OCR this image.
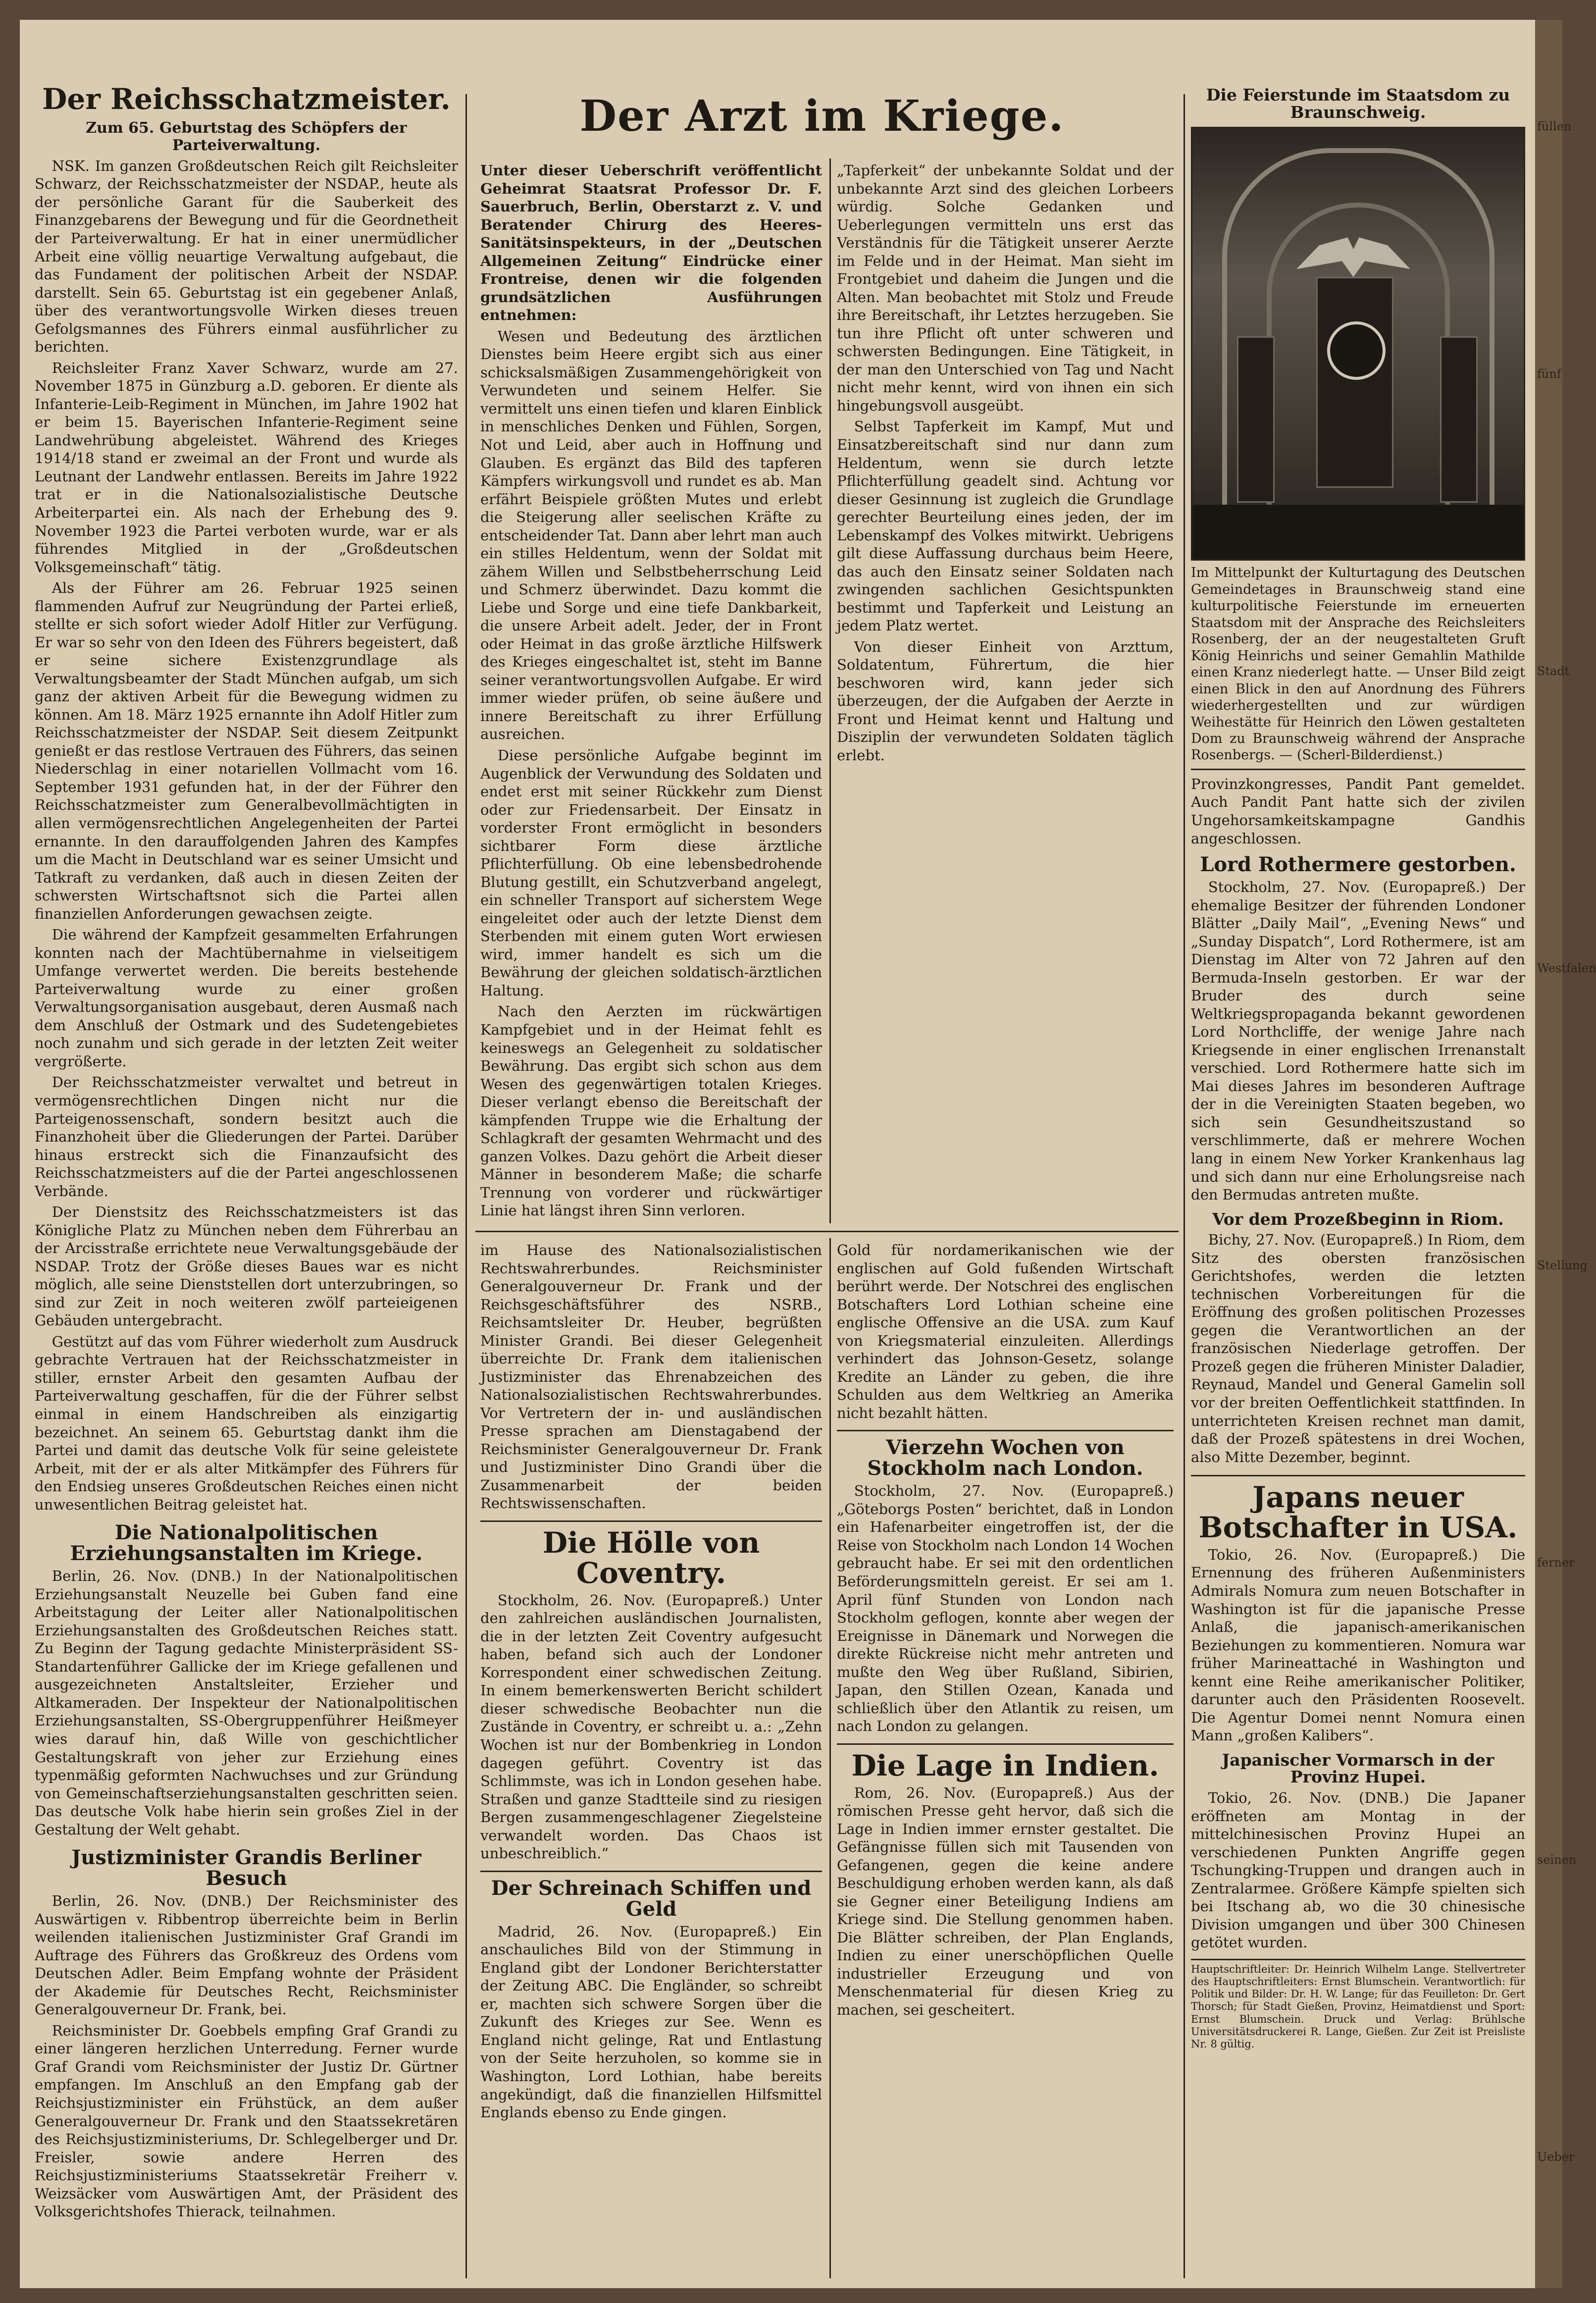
Der Reichsschatzmeister.
Zum 65. Geburtstag des Schöpfers der Parteiverwaltung.

NSK. Im ganzen Großdeutschen Reich gilt Reichsleiter Schwarz, der Reichsschatzmeister der NSDAP., heute als der persönliche Garant für die Sauberkeit des Finanzgebarens der Bewegung und für die Geordnetheit der Parteiverwaltung. Er hat in einer unermüdlicher Arbeit eine völlig neuartige Verwaltung aufgebaut, die das Fundament der politischen Arbeit der NSDAP. darstellt. Sein 65. Geburtstag ist ein gegebener Anlaß, über des verantwortungsvolle Wirken dieses treuen Gefolgsmannes des Führers einmal ausführlicher zu berichten.

Reichsleiter Franz Xaver Schwarz, wurde am 27. November 1875 in Günzburg a.D. geboren. Er diente als Infanterie-Leib-Regiment in München, im Jahre 1902 hat er beim 15. Bayerischen Infanterie-Regiment seine Landwehrübung abgeleistet. Während des Krieges 1914/18 stand er zweimal an der Front und wurde als Leutnant der Landwehr entlassen. Bereits im Jahre 1922 trat er in die Nationalsozialistische Deutsche Arbeiterpartei ein. Als nach der Erhebung des 9. November 1923 die Partei verboten wurde, war er als führendes Mitglied in der „Großdeutschen Volksgemeinschaft“ tätig.

Als der Führer am 26. Februar 1925 seinen flammenden Aufruf zur Neugründung der Partei erließ, stellte er sich sofort wieder Adolf Hitler zur Verfügung. Er war so sehr von den Ideen des Führers begeistert, daß er seine sichere Existenzgrundlage als Verwaltungsbeamter der Stadt München aufgab, um sich ganz der aktiven Arbeit für die Bewegung widmen zu können. Am 18. März 1925 ernannte ihn Adolf Hitler zum Reichsschatzmeister der NSDAP. Seit diesem Zeitpunkt genießt er das restlose Vertrauen des Führers, das seinen Niederschlag in einer notariellen Vollmacht vom 16. September 1931 gefunden hat, in der der Führer den Reichsschatzmeister zum Generalbevollmächtigten in allen vermögensrechtlichen Angelegenheiten der Partei ernannte. In den darauffolgenden Jahren des Kampfes um die Macht in Deutschland war es seiner Umsicht und Tatkraft zu verdanken, daß auch in diesen Zeiten der schwersten Wirtschaftsnot sich die Partei allen finanziellen Anforderungen gewachsen zeigte.

Die während der Kampfzeit gesammelten Erfahrungen konnten nach der Machtübernahme in vielseitigem Umfange verwertet werden. Die bereits bestehende Parteiverwaltung wurde zu einer großen Verwaltungsorganisation ausgebaut, deren Ausmaß nach dem Anschluß der Ostmark und des Sudetengebietes noch zunahm und sich gerade in der letzten Zeit weiter vergrößerte.

Der Reichsschatzmeister verwaltet und betreut in vermögensrechtlichen Dingen nicht nur die Parteigenossenschaft, sondern besitzt auch die Finanzhoheit über die Gliederungen der Partei. Darüber hinaus erstreckt sich die Finanzaufsicht des Reichsschatzmeisters auf die der Partei angeschlossenen Verbände.

Der Dienstsitz des Reichsschatzmeisters ist das Königliche Platz zu München neben dem Führerbau an der Arcisstraße errichtete neue Verwaltungsgebäude der NSDAP. Trotz der Größe dieses Baues war es nicht möglich, alle seine Dienststellen dort unterzubringen, so sind zur Zeit in noch weiteren zwölf parteieigenen Gebäuden untergebracht.

Gestützt auf das vom Führer wiederholt zum Ausdruck gebrachte Vertrauen hat der Reichsschatzmeister in stiller, ernster Arbeit den gesamten Aufbau der Parteiverwaltung geschaffen, für die der Führer selbst einmal in einem Handschreiben als einzigartig bezeichnet. An seinem 65. Geburtstag dankt ihm die Partei und damit das deutsche Volk für seine geleistete Arbeit, mit der er als alter Mitkämpfer des Führers für den Endsieg unseres Großdeutschen Reiches einen nicht unwesentlichen Beitrag geleistet hat.

Die Nationalpolitischen Erziehungsanstalten im Kriege.

Berlin, 26. Nov. (DNB.) In der Nationalpolitischen Erziehungsanstalt Neuzelle bei Guben fand eine Arbeitstagung der Leiter aller Nationalpolitischen Erziehungsanstalten des Großdeutschen Reiches statt. Zu Beginn der Tagung gedachte Ministerpräsident SS-Standartenführer Gallicke der im Kriege gefallenen und ausgezeichneten Anstaltsleiter, Erzieher und Altkameraden. Der Inspekteur der Nationalpolitischen Erziehungsanstalten, SS-Obergruppenführer Heißmeyer wies darauf hin, daß Wille von geschichtlicher Gestaltungskraft von jeher zur Erziehung eines typenmäßig geformten Nachwuchses und zur Gründung von Gemeinschaftserziehungsanstalten geschritten seien. Das deutsche Volk habe hierin sein großes Ziel in der Gestaltung der Welt gehabt.

Justizminister Grandis Berliner Besuch

Berlin, 26. Nov. (DNB.) Der Reichsminister des Auswärtigen v. Ribbentrop überreichte beim in Berlin weilenden italienischen Justizminister Graf Grandi im Auftrage des Führers das Großkreuz des Ordens vom Deutschen Adler. Beim Empfang wohnte der Präsident der Akademie für Deutsches Recht, Reichsminister Generalgouverneur Dr. Frank, bei.

Reichsminister Dr. Goebbels empfing Graf Grandi zu einer längeren herzlichen Unterredung. Ferner wurde Graf Grandi vom Reichsminister der Justiz Dr. Gürtner empfangen. Im Anschluß an den Empfang gab der Reichsjustizminister ein Frühstück, an dem außer Generalgouverneur Dr. Frank und den Staatssekretären des Reichsjustizministeriums, Dr. Schlegelberger und Dr. Freisler, sowie andere Herren des Reichsjustizministeriums Staatssekretär Freiherr v. Weizsäcker vom Auswärtigen Amt, der Präsident des Volksgerichtshofes Thierack, teilnahmen.

Der Arzt im Kriege.

Unter dieser Ueberschrift veröffentlicht Geheimrat Staatsrat Professor Dr. F. Sauerbruch, Berlin, Oberstarzt z. V. und Beratender Chirurg des Heeres-Sanitätsinspekteurs, in der „Deutschen Allgemeinen Zeitung“ Eindrücke einer Frontreise, denen wir die folgenden grundsätzlichen Ausführungen entnehmen:

Wesen und Bedeutung des ärztlichen Dienstes beim Heere ergibt sich aus einer schicksalsmäßigen Zusammengehörigkeit von Verwundeten und seinem Helfer. Sie vermittelt uns einen tiefen und klaren Einblick in menschliches Denken und Fühlen, Sorgen, Not und Leid, aber auch in Hoffnung und Glauben. Es ergänzt das Bild des tapferen Kämpfers wirkungsvoll und rundet es ab. Man erfährt Beispiele größten Mutes und erlebt die Steigerung aller seelischen Kräfte zu entscheidender Tat. Dann aber lehrt man auch ein stilles Heldentum, wenn der Soldat mit zähem Willen und Selbstbeherrschung Leid und Schmerz überwindet. Dazu kommt die Liebe und Sorge und eine tiefe Dankbarkeit, die unsere Arbeit adelt. Jeder, der in Front oder Heimat in das große ärztliche Hilfswerk des Krieges eingeschaltet ist, steht im Banne seiner verantwortungsvollen Aufgabe. Er wird immer wieder prüfen, ob seine äußere und innere Bereitschaft zu ihrer Erfüllung ausreichen.

Diese persönliche Aufgabe beginnt im Augenblick der Verwundung des Soldaten und endet erst mit seiner Rückkehr zum Dienst oder zur Friedensarbeit. Der Einsatz in vorderster Front ermöglicht in besonders sichtbarer Form diese ärztliche Pflichterfüllung. Ob eine lebensbedrohende Blutung gestillt, ein Schutzverband angelegt, ein schneller Transport auf sicherstem Wege eingeleitet oder auch der letzte Dienst dem Sterbenden mit einem guten Wort erwiesen wird, immer handelt es sich um die Bewährung der gleichen soldatisch-ärztlichen Haltung.

Nach den Aerzten im rückwärtigen Kampfgebiet und in der Heimat fehlt es keineswegs an Gelegenheit zu soldatischer Bewährung. Das ergibt sich schon aus dem Wesen des gegenwärtigen totalen Krieges. Dieser verlangt ebenso die Bereitschaft der kämpfenden Truppe wie die Erhaltung der Schlagkraft der gesamten Wehrmacht und des ganzen Volkes. Dazu gehört die Arbeit dieser Männer in besonderem Maße; die scharfe Trennung von vorderer und rückwärtiger Linie hat längst ihren Sinn verloren.

„Tapferkeit“ der unbekannte Soldat und der unbekannte Arzt sind des gleichen Lorbeers würdig. Solche Gedanken und Ueberlegungen vermitteln uns erst das Verständnis für die Tätigkeit unserer Aerzte im Felde und in der Heimat. Man sieht im Frontgebiet und daheim die Jungen und die Alten. Man beobachtet mit Stolz und Freude ihre Bereitschaft, ihr Letztes herzugeben. Sie tun ihre Pflicht oft unter schweren und schwersten Bedingungen. Eine Tätigkeit, in der man den Unterschied von Tag und Nacht nicht mehr kennt, wird von ihnen ein sich hingebungsvoll ausgeübt.

Selbst Tapferkeit im Kampf, Mut und Einsatzbereitschaft sind nur dann zum Heldentum, wenn sie durch letzte Pflichterfüllung geadelt sind. Achtung vor dieser Gesinnung ist zugleich die Grundlage gerechter Beurteilung eines jeden, der im Lebenskampf des Volkes mitwirkt. Uebrigens gilt diese Auffassung durchaus beim Heere, das auch den Einsatz seiner Soldaten nach zwingenden sachlichen Gesichtspunkten bestimmt und Tapferkeit und Leistung an jedem Platz wertet.

Von dieser Einheit von Arzttum, Soldatentum, Führertum, die hier beschworen wird, kann jeder sich überzeugen, der die Aufgaben der Aerzte in Front und Heimat kennt und Haltung und Disziplin der verwundeten Soldaten täglich erlebt.

im Hause des Nationalsozialistischen Rechtswahrerbundes. Reichsminister Generalgouverneur Dr. Frank und der Reichsgeschäftsführer des NSRB., Reichsamtsleiter Dr. Heuber, begrüßten Minister Grandi. Bei dieser Gelegenheit überreichte Dr. Frank dem italienischen Justizminister das Ehrenabzeichen des Nationalsozialistischen Rechtswahrerbundes. Vor Vertretern der in- und ausländischen Presse sprachen am Dienstagabend der Reichsminister Generalgouverneur Dr. Frank und Justizminister Dino Grandi über die Zusammenarbeit der beiden Rechtswissenschaften.

Die Hölle von Coventry.

Stockholm, 26. Nov. (Europapreß.) Unter den zahlreichen ausländischen Journalisten, die in der letzten Zeit Coventry aufgesucht haben, befand sich auch der Londoner Korrespondent einer schwedischen Zeitung. In einem bemerkenswerten Bericht schildert dieser schwedische Beobachter nun die Zustände in Coventry, er schreibt u. a.: „Zehn Wochen ist nur der Bombenkrieg in London dagegen geführt. Coventry ist das Schlimmste, was ich in London gesehen habe. Straßen und ganze Stadtteile sind zu riesigen Bergen zusammengeschlagener Ziegelsteine verwandelt worden. Das Chaos ist unbeschreiblich.“

Der Schreinach Schiffen und Geld

Madrid, 26. Nov. (Europapreß.) Ein anschauliches Bild von der Stimmung in England gibt der Londoner Berichterstatter der Zeitung ABC. Die Engländer, so schreibt er, machten sich schwere Sorgen über die Zukunft des Krieges zur See. Wenn es England nicht gelinge, Rat und Entlastung von der Seite herzuholen, so komme sie in Washington, Lord Lothian, habe bereits angekündigt, daß die finanziellen Hilfsmittel Englands ebenso zu Ende gingen.

Gold für nordamerikanischen wie der englischen auf Gold fußenden Wirtschaft berührt werde. Der Notschrei des englischen Botschafters Lord Lothian scheine eine englische Offensive an die USA. zum Kauf von Kriegsmaterial einzuleiten. Allerdings verhindert das Johnson-Gesetz, solange Kredite an Länder zu geben, die ihre Schulden aus dem Weltkrieg an Amerika nicht bezahlt hätten.

Vierzehn Wochen von Stockholm nach London.

Stockholm, 27. Nov. (Europapreß.) „Göteborgs Posten“ berichtet, daß in London ein Hafenarbeiter eingetroffen ist, der die Reise von Stockholm nach London 14 Wochen gebraucht habe. Er sei mit den ordentlichen Beförderungsmitteln gereist. Er sei am 1. April fünf Stunden von London nach Stockholm geflogen, konnte aber wegen der Ereignisse in Dänemark und Norwegen die direkte Rückreise nicht mehr antreten und mußte den Weg über Rußland, Sibirien, Japan, den Stillen Ozean, Kanada und schließlich über den Atlantik zu reisen, um nach London zu gelangen.

Die Lage in Indien.

Rom, 26. Nov. (Europapreß.) Aus der römischen Presse geht hervor, daß sich die Lage in Indien immer ernster gestaltet. Die Gefängnisse füllen sich mit Tausenden von Gefangenen, gegen die keine andere Beschuldigung erhoben werden kann, als daß sie Gegner einer Beteiligung Indiens am Kriege sind. Die Stellung genommen haben. Die Blätter schreiben, der Plan Englands, Indien zu einer unerschöpflichen Quelle industrieller Erzeugung und von Menschenmaterial für diesen Krieg zu machen, sei gescheitert.

Die Feierstunde im Staatsdom zu Braunschweig.
Im Mittelpunkt der Kulturtagung des Deutschen Gemeindetages in Braunschweig stand eine kulturpolitische Feierstunde im erneuerten Staatsdom mit der Ansprache des Reichsleiters Rosenberg, der an der neugestalteten Gruft König Heinrichs und seiner Gemahlin Mathilde einen Kranz niederlegt hatte. — Unser Bild zeigt einen Blick in den auf Anordnung des Führers wiederhergestellten und zur würdigen Weihestätte für Heinrich den Löwen gestalteten Dom zu Braunschweig während der Ansprache Rosenbergs. — (Scherl-Bilderdienst.)

Provinzkongresses, Pandit Pant gemeldet. Auch Pandit Pant hatte sich der zivilen Ungehorsamkeitskampagne Gandhis angeschlossen.

Lord Rothermere gestorben.

Stockholm, 27. Nov. (Europapreß.) Der ehemalige Besitzer der führenden Londoner Blätter „Daily Mail“, „Evening News“ und „Sunday Dispatch“, Lord Rothermere, ist am Dienstag im Alter von 72 Jahren auf den Bermuda-Inseln gestorben. Er war der Bruder des durch seine Weltkriegspropaganda bekannt gewordenen Lord Northcliffe, der wenige Jahre nach Kriegsende in einer englischen Irrenanstalt verschied. Lord Rothermere hatte sich im Mai dieses Jahres im besonderen Auftrage der in die Vereinigten Staaten begeben, wo sich sein Gesundheitszustand so verschlimmerte, daß er mehrere Wochen lang in einem New Yorker Krankenhaus lag und sich dann nur eine Erholungsreise nach den Bermudas antreten mußte.

Vor dem Prozeßbeginn in Riom.

Bichy, 27. Nov. (Europapreß.) In Riom, dem Sitz des obersten französischen Gerichtshofes, werden die letzten technischen Vorbereitungen für die Eröffnung des großen politischen Prozesses gegen die Verantwortlichen an der französischen Niederlage getroffen. Der Prozeß gegen die früheren Minister Daladier, Reynaud, Mandel und General Gamelin soll vor der breiten Oeffentlichkeit stattfinden. In unterrichteten Kreisen rechnet man damit, daß der Prozeß spätestens in drei Wochen, also Mitte Dezember, beginnt.

Japans neuer Botschafter in USA.

Tokio, 26. Nov. (Europapreß.) Die Ernennung des früheren Außenministers Admirals Nomura zum neuen Botschafter in Washington ist für die japanische Presse Anlaß, die japanisch-amerikanischen Beziehungen zu kommentieren. Nomura war früher Marineattaché in Washington und kennt eine Reihe amerikanischer Politiker, darunter auch den Präsidenten Roosevelt. Die Agentur Domei nennt Nomura einen Mann „großen Kalibers“.

Japanischer Vormarsch in der Provinz Hupei.

Tokio, 26. Nov. (DNB.) Die Japaner eröffneten am Montag in der mittelchinesischen Provinz Hupei an verschiedenen Punkten Angriffe gegen Tschungking-Truppen und drangen auch in Zentralarmee. Größere Kämpfe spielten sich bei Itschang ab, wo die 30 chinesische Division umgangen und über 300 Chinesen getötet wurden.

Hauptschriftleiter: Dr. Heinrich Wilhelm Lange. Stellvertreter des Hauptschriftleiters: Ernst Blumschein. Verantwortlich: für Politik und Bilder: Dr. H. W. Lange; für das Feuilleton: Dr. Gert Thorsch; für Stadt Gießen, Provinz, Heimatdienst und Sport: Ernst Blumschein. Druck und Verlag: Brühlsche Universitätsdruckerei R. Lange, Gießen. Zur Zeit ist Preisliste Nr. 8 gültig.
füllen
fünf
Stadt
Westfalen
Stellung
ferner
seinen
Ueber
